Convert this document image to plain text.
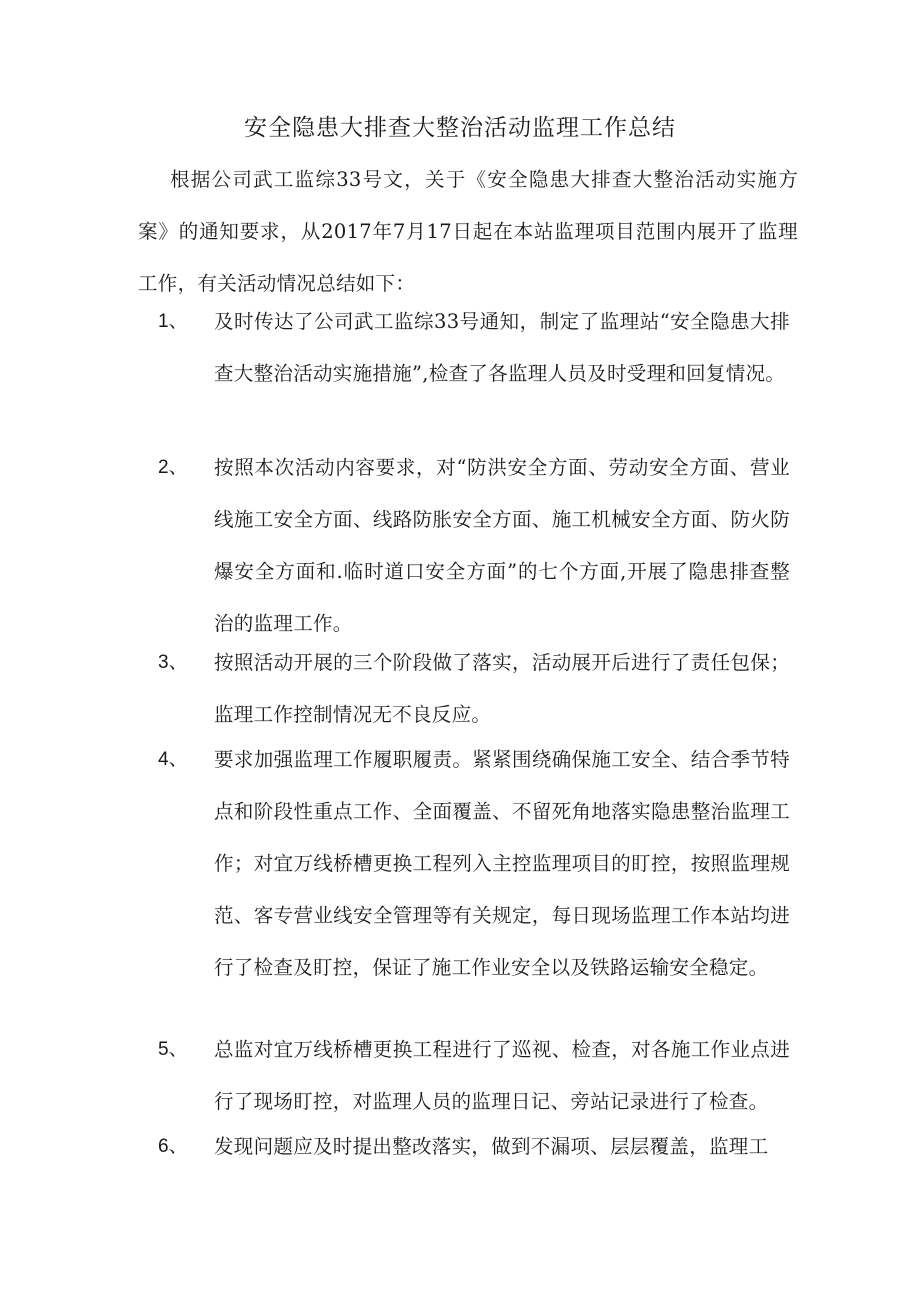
安全隐患大排查大整治活动监理工作总结
根据公司武工监综33号文，关于《安全隐患大排查大整治活动实施方案》的通知要求，从2017年7月17日起在本站监理项目范围内展开了监理工作，有关活动情况总结如下：
1、	及时传达了公司武工监综33号通知，制定了监理站“安全隐患大排查大整治活动实施措施”,检查了各监理人员及时受理和回复情况。
2、	按照本次活动内容要求，对“防洪安全方面、劳动安全方面、营业线施工安全方面、线路防胀安全方面、施工机械安全方面、防火防爆安全方面和.临时道口安全方面”的七个方面,开展了隐患排查整治的监理工作。
3、	按照活动开展的三个阶段做了落实，活动展开后进行了责任包保；监理工作控制情况无不良反应。
4、	要求加强监理工作履职履责。紧紧围绕确保施工安全、结合季节特点和阶段性重点工作、全面覆盖、不留死角地落实隐患整治监理工作；对宜万线桥槽更换工程列入主控监理项目的盯控，按照监理规范、客专营业线安全管理等有关规定，每日现场监理工作本站均进行了检查及盯控，保证了施工作业安全以及铁路运输安全稳定。
5、	总监对宜万线桥槽更换工程进行了巡视、检查，对各施工作业点进行了现场盯控，对监理人员的监理日记、旁站记录进行了检查。
6、	发现问题应及时提出整改落实，做到不漏项、层层覆盖，监理工
